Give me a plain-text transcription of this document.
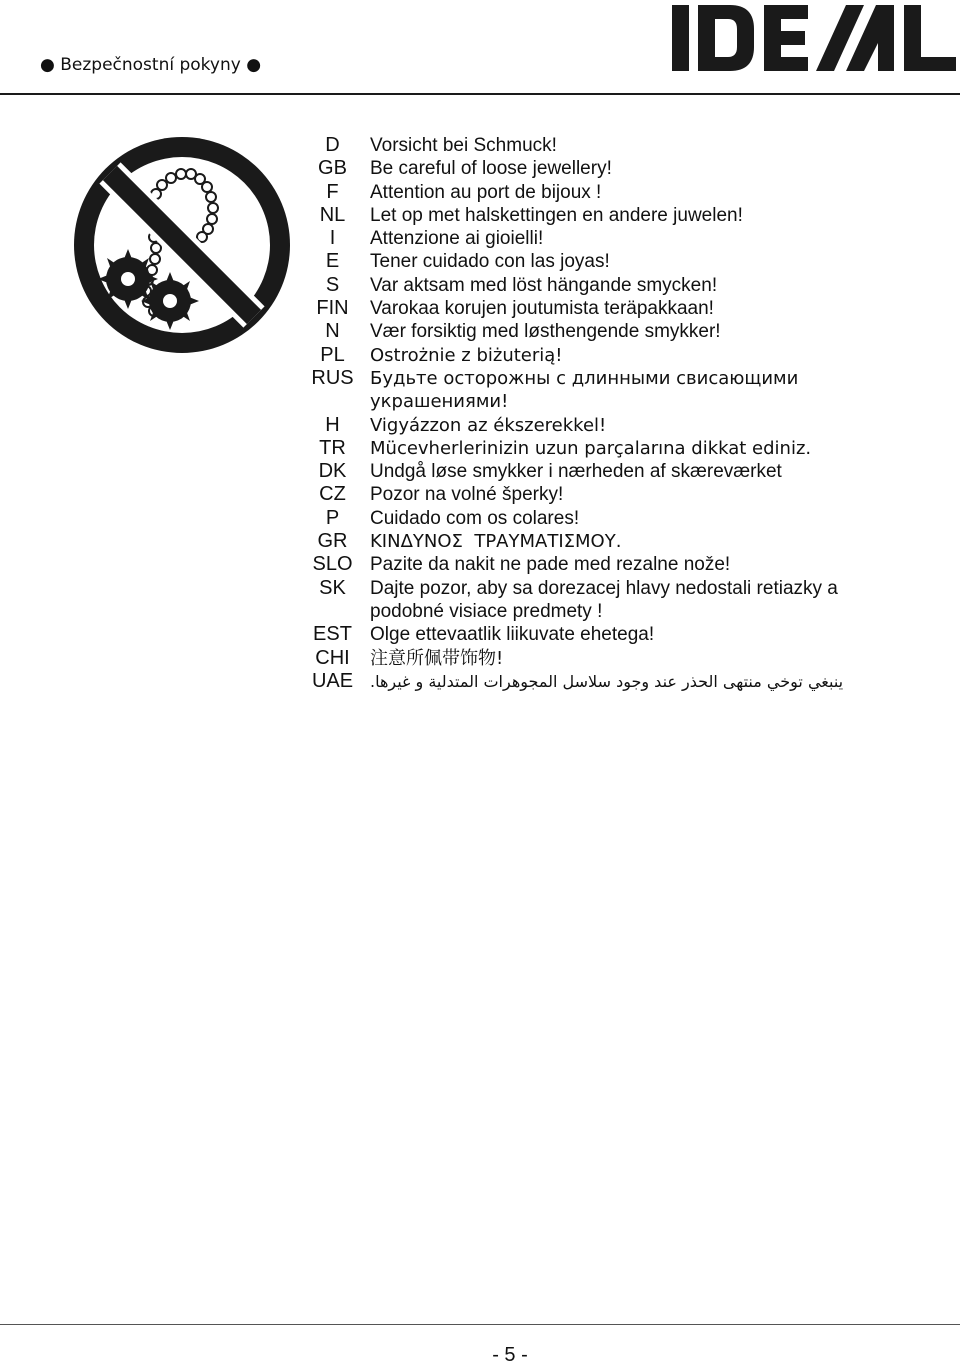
● Bezpečnostní pokyny ●
D	Vorsicht bei Schmuck!
GB	Be careful of loose jewellery!
F	Attention au port de bijoux !
NL	Let op met halskettingen en andere juwelen!
I	Attenzione ai gioielli!
E	Tener cuidado con las joyas!
S	Var aktsam med löst hängande smycken!
FIN	Varokaa korujen joutumista teräpakkaan!
N	Vær forsiktig med løsthengende smykker!
PL	Ostrożnie z biżuterią!
RUS Будьте осторожны с длинными свисающими украшениями!
H	Vigyázzon az ékszerekkel!
TR	Mücevherlerinizin uzun parçalarına dikkat ediniz.
DK	Undgå løse smykker i nærheden af skæreværket
CZ	Pozor na volné šperky!
P	Cuidado com os colares!
GR	ΚΙΝΔΥΝΟΣ  ΤΡΑΥΜΑΤΙΣΜΟΥ.
SLO Pazite da nakit ne pade med rezalne nože!
SK	Dajte pozor, aby sa dorezacej hlavy nedostali retiazky a podobné visiace predmety !
EST Olge ettevaatlik liikuvate ehetega!
CHI	注意所佩带饰物!
UAE	ينبغي توخي منتهى الحذر عند وجود سلاسل المجوهرات المتدلية و غيرها.
- 5 -
